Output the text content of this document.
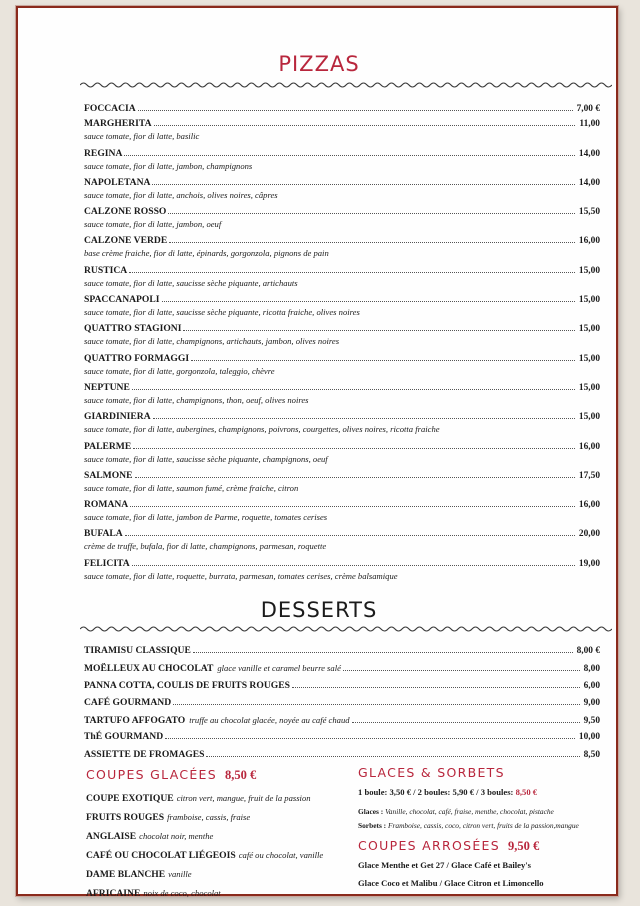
PIZZAS
FOCCACIA	7,00 €
MARGHERITA	11,00
sauce tomate, fior di latte, basilic
REGINA	14,00
sauce tomate, fior di latte, jambon, champignons
NAPOLETANA	14,00
sauce tomate, fior di latte, anchois, olives noires, câpres
CALZONE ROSSO	15,50
sauce tomate, fior di latte, jambon, oeuf
CALZONE VERDE	16,00
base crème fraiche, fior di latte, épinards, gorgonzola, pignons de pain
RUSTICA	15,00
sauce tomate, fior di latte, saucisse sèche piquante, artichauts
SPACCANAPOLI	15,00
sauce tomate, fior di latte, saucisse sèche piquante, ricotta fraiche, olives noires
QUATTRO STAGIONI	15,00
sauce tomate, fior di latte, champignons, artichauts, jambon, olives noires
QUATTRO FORMAGGI	15,00
sauce tomate, fior di latte, gorgonzola, taleggio, chèvre
NEPTUNE	15,00
sauce tomate, fior di latte, champignons, thon, oeuf, olives noires
GIARDINIERA	15,00
sauce tomate, fior di latte, aubergines, champignons, poivrons, courgettes, olives noires, ricotta fraiche
PALERME	16,00
sauce tomate, fior di latte, saucisse sèche piquante, champignons, oeuf
SALMONE	17,50
sauce tomate, fior di latte, saumon fumé, crème fraiche, citron
ROMANA	16,00
sauce tomate, fior di latte, jambon de Parme, roquette, tomates cerises
BUFALA	20,00
crème de truffe, bufala, fior di latte, champignons, parmesan, roquette
FELICITA	19,00
sauce tomate, fior di latte, roquette, burrata, parmesan, tomates cerises, crème balsamique
DESSERTS
TIRAMISU CLASSIQUE	8,00 €
MOËLLEUX AU CHOCOLAT glace vanille et caramel beurre salé	8,00
PANNA COTTA, COULIS DE FRUITS ROUGES	6,00
CAFÉ GOURMAND	9,00
TARTUFO AFFOGATO truffe au chocolat glacée, noyée au café chaud	9,50
ThÉ GOURMAND	10,00
ASSIETTE DE FROMAGES	8,50
COUPES GLACÉES 8,50 €
COUPE EXOTIQUE citron vert, mangue, fruit de la passion
FRUITS ROUGES framboise, cassis, fraise
ANGLAISE chocolat noir, menthe
CAFÉ OU CHOCOLAT LIÉGEOIS café ou chocolat, vanille
DAME BLANCHE vanille
AFRICAINE noix de coco, chocolat
GLACES & SORBETS
1 boule: 3,50 € / 2 boules: 5,90 € / 3 boules: 8,50 €
Glaces : Vanille, chocolat, café, fraise, menthe, chocolat, pistache
Sorbets : Framboise, cassis, coco, citron vert, fruits de la passion,mangue
COUPES ARROSÉES 9,50 €
Glace Menthe et Get 27 / Glace Café et Bailey's
Glace Coco et Malibu / Glace Citron et Limoncello
